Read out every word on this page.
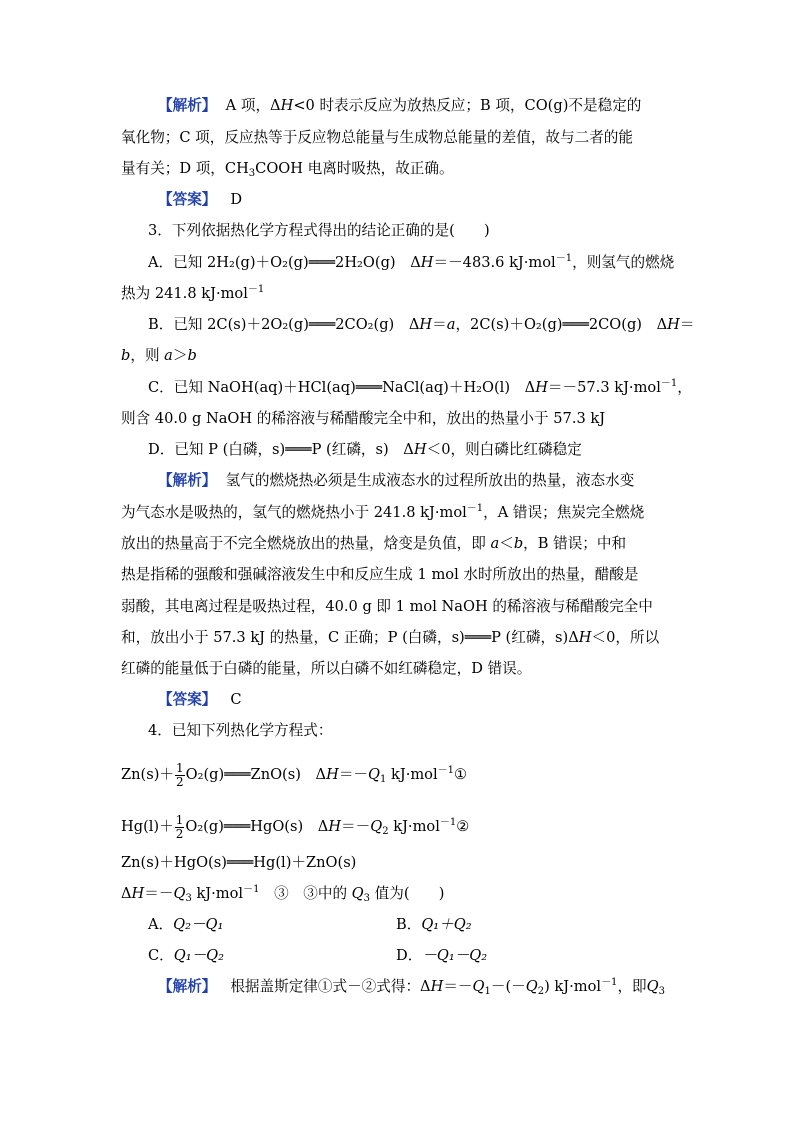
【解析】 A 项，ΔH<0 时表示反应为放热反应；B 项，CO(g)不是稳定的
氧化物；C 项，反应热等于反应物总能量与生成物总能量的差值，故与二者的能
量有关；D 项，$CH_3COOH$ 电离时吸热，故正确。
【答案】 D
3．下列依据热化学方程式得出的结论正确的是(　　)
A．已知 2H₂(g)＋O₂(g)═══2H₂O(g)　ΔH＝－483.6 kJ·mol$^{-1}$，则氢气的燃烧
热为 241.8 kJ·mol$^{-1}$
B．已知 2C(s)＋2O₂(g)═══2CO₂(g)　ΔH＝a，2C(s)＋O₂(g)═══2CO(g)　ΔH＝
b，则 a＞b
C．已知 NaOH(aq)＋HCl(aq)═══NaCl(aq)＋H₂O(l)　ΔH＝－57.3 kJ·mol$^{-1}$，
则含 40.0 g NaOH 的稀溶液与稀醋酸完全中和，放出的热量小于 57.3 kJ
D．已知 P (白磷，s)═══P (红磷，s)　ΔH＜0，则白磷比红磷稳定
【解析】 氢气的燃烧热必须是生成液态水的过程所放出的热量，液态水变
为气态水是吸热的，氢气的燃烧热小于 241.8 kJ·mol$^{-1}$，A 错误；焦炭完全燃烧
放出的热量高于不完全燃烧放出的热量，焓变是负值，即 a＜b，B 错误；中和
热是指稀的强酸和强碱溶液发生中和反应生成 1 mol 水时所放出的热量，醋酸是
弱酸，其电离过程是吸热过程，40.0 g 即 1 mol NaOH 的稀溶液与稀醋酸完全中
和，放出小于 57.3 kJ 的热量，C 正确；P (白磷，s)═══P (红磷，s)ΔH＜0，所以
红磷的能量低于白磷的能量，所以白磷不如红磷稳定，D 错误。
【答案】 C
4．已知下列热化学方程式：
$Zn(s)+ \frac{1}{2}$ O₂(g)═══ZnO(s)　$\Delta H=-Q_1$ kJ·mol$^{-1}$①
$Hg(l)+ \frac{1}{2}$ O₂(g)═══HgO(s)　$\Delta H=-Q_2$ kJ·mol$^{-1}$②
Zn(s)＋HgO(s)═══Hg(l)＋ZnO(s)
$\Delta H=-Q_3$ kJ·mol$^{-1}$　③　③中的 $Q_3$ 值为(　　)
A．Q₂－Q₁	B．Q₁＋Q₂
C．Q₁－Q₂	D．－Q₁－Q₂
【解析】 根据盖斯定律①式－②式得：$\Delta H=-Q_1-(-Q_2)$ kJ·mol$^{-1}$，即$Q_3$
